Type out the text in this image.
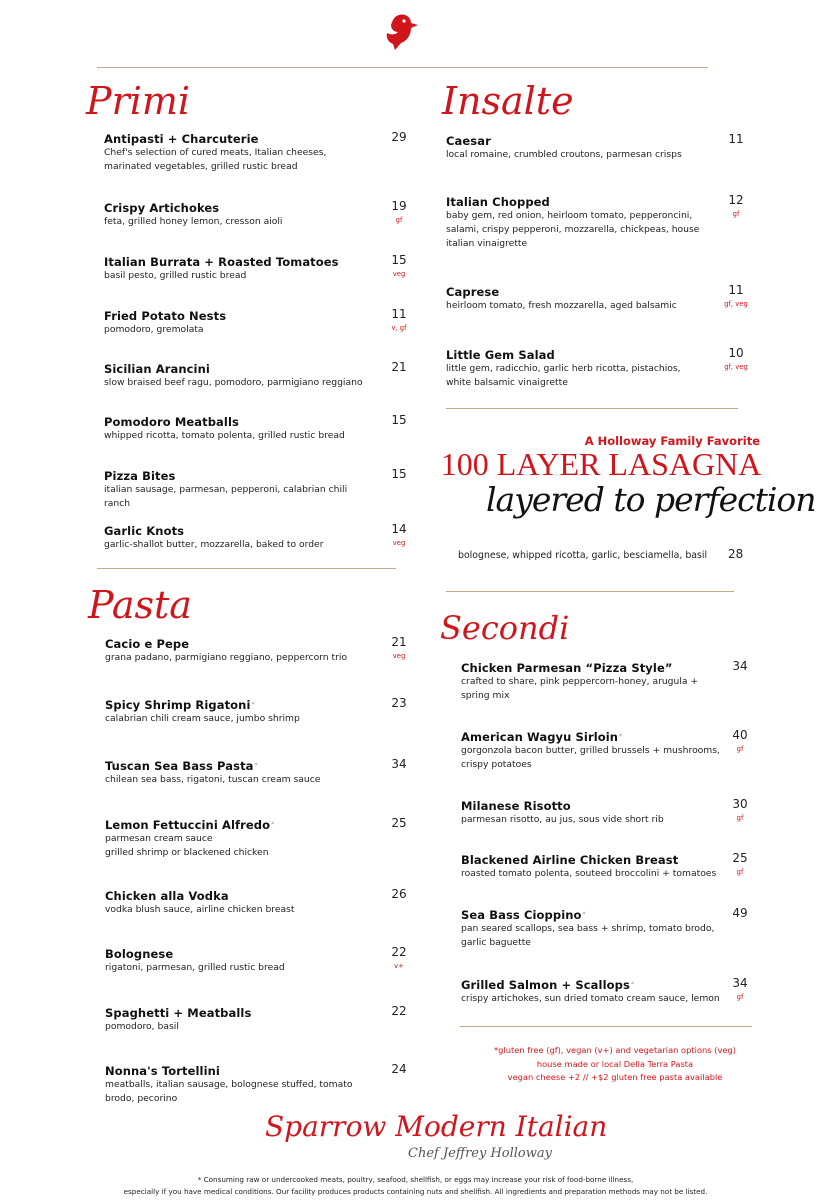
Primi
Antipasti + Charcuterie
Chef's selection of cured meats, Italian cheeses, marinated vegetables, grilled rustic bread
29
Crispy Artichokes
feta, grilled honey lemon, cresson aioli
19
gf
Italian Burrata + Roasted Tomatoes
basil pesto, grilled rustic bread
15
veg
Fried Potato Nests
pomodoro, gremolata
11
v, gf
Sicilian Arancini
slow braised beef ragu, pomodoro, parmigiano reggiano
21
Pomodoro Meatballs
whipped ricotta, tomato polenta, grilled rustic bread
15
Pizza Bites
italian sausage, parmesan, pepperoni, calabrian chili ranch
15
Garlic Knots
garlic-shallot butter, mozzarella, baked to order
14
veg
Pasta
Cacio e Pepe
grana padano, parmigiano reggiano, peppercorn trio
21
veg
Spicy Shrimp Rigatoni*
calabrian chili cream sauce, jumbo shrimp
23
Tuscan Sea Bass Pasta*
chilean sea bass, rigatoni, tuscan cream sauce
34
Lemon Fettuccini Alfredo*
parmesan cream sauce
grilled shrimp or blackened chicken
25
Chicken alla Vodka
vodka blush sauce, airline chicken breast
26
Bolognese
rigatoni, parmesan, grilled rustic bread
22
v+
Spaghetti + Meatballs
pomodoro, basil
22
Nonna's Tortellini
meatballs, italian sausage, bolognese stuffed, tomato brodo, pecorino
24
Insalte
Caesar
local romaine, crumbled croutons, parmesan crisps
11
Italian Chopped
baby gem, red onion, heirloom tomato, pepperoncini, salami, crispy pepperoni, mozzarella, chickpeas, house italian vinaigrette
12
gf
Caprese
heirloom tomato, fresh mozzarella, aged balsamic
11
gf, veg
Little Gem Salad
little gem, radicchio, garlic herb ricotta, pistachios, white balsamic vinaigrette
10
gf, veg
A Holloway Family Favorite
100 LAYER LASAGNA
layered to perfection
bolognese, whipped ricotta, garlic, besciamella, basil 28
Secondi
Chicken Parmesan “Pizza Style”
crafted to share, pink peppercorn-honey, arugula + spring mix
34
American Wagyu Sirloin*
gorgonzola bacon butter, grilled brussels + mushrooms, crispy potatoes
40
gf
Milanese Risotto
parmesan risotto, au jus, sous vide short rib
30
gf
Blackened Airline Chicken Breast
roasted tomato polenta, souteed broccolini + tomatoes
25
gf
Sea Bass Cioppino*
pan seared scallops, sea bass + shrimp, tomato brodo, garlic baguette
49
Grilled Salmon + Scallops*
crispy artichokes, sun dried tomato cream sauce, lemon
34
gf
*gluten free (gf), vegan (v+) and vegetarian options (veg)
house made or local Della Terra Pasta
vegan cheese +2 // +$2 gluten free pasta available
Sparrow Modern Italian
Chef Jeffrey Holloway
* Consuming raw or undercooked meats, poultry, seafood, shellfish, or eggs may increase your risk of food-borne illness,
especially if you have medical conditions. Our facility produces products containing nuts and shellfish. All ingredients and preparation methods may not be listed.
